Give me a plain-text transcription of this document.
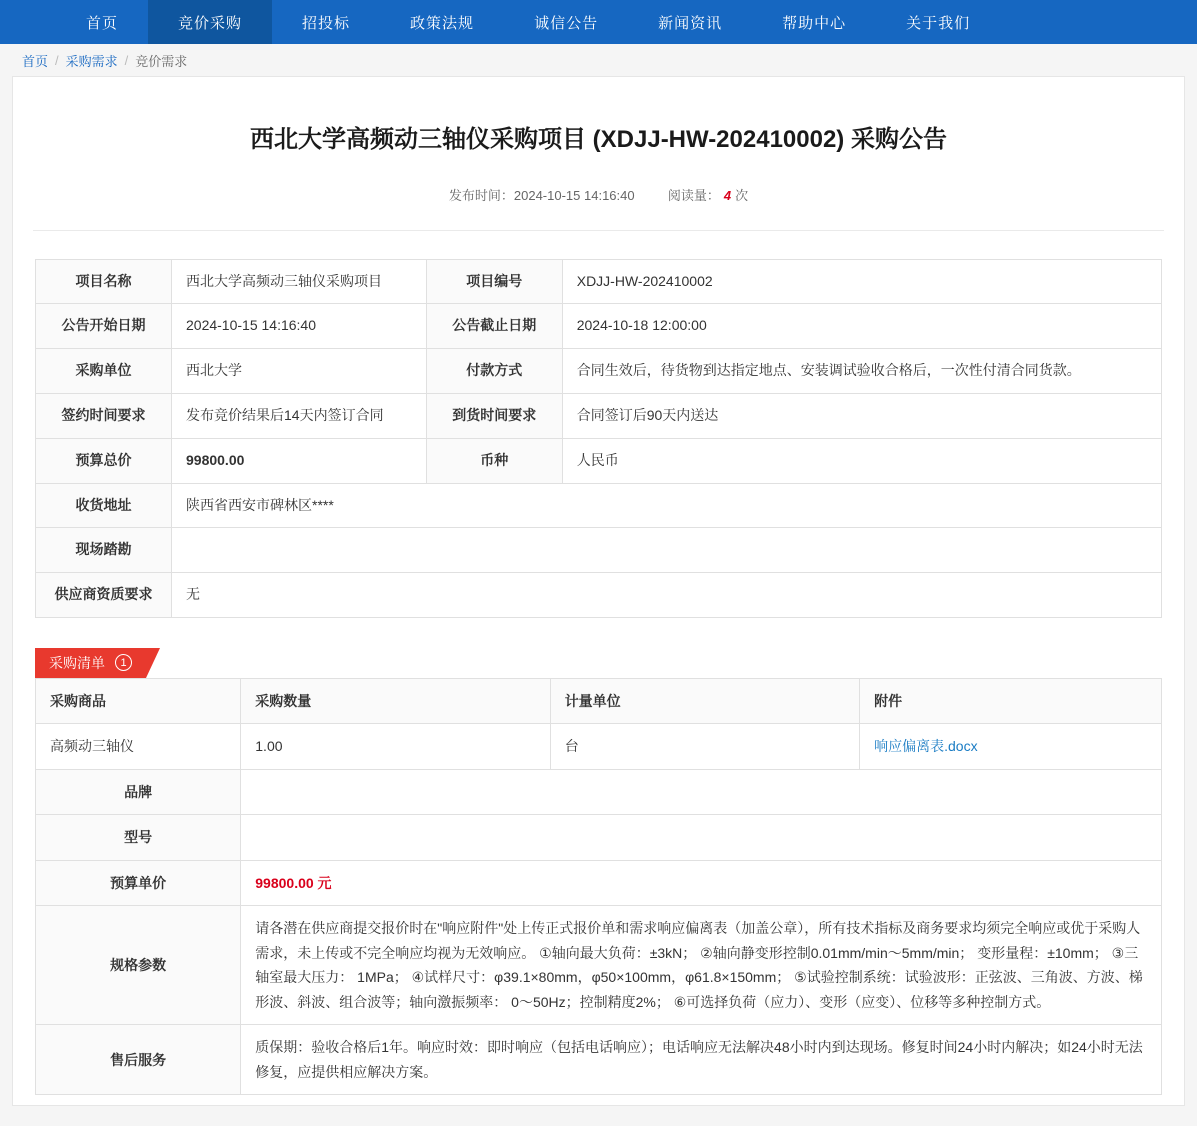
首页	竞价采购	招投标	政策法规	诚信公告	新闻资讯	帮助中心	关于我们
首页 / 采购需求 / 竞价需求
西北大学高频动三轴仪采购项目 (XDJJ-HW-202410002) 采购公告
发布时间：2024-10-15 14:16:40	阅读量： 4 次
项目名称	西北大学高频动三轴仪采购项目	项目编号	XDJJ-HW-202410002
公告开始日期	2024-10-15 14:16:40	公告截止日期	2024-10-18 12:00:00
采购单位	西北大学	付款方式	合同生效后，待货物到达指定地点、安装调试验收合格后，一次性付清合同货款。
签约时间要求	发布竞价结果后14天内签订合同	到货时间要求	合同签订后90天内送达
预算总价	99800.00	币种	人民币
收货地址	陕西省西安市碑林区****		
现场踏勘			
供应商资质要求	无		
采购清单	1
采购商品	采购数量	计量单位	附件
高频动三轴仪	1.00	台	响应偏离表.docx
品牌			
型号			
预算单价	99800.00 元		
规格参数	请各潜在供应商提交报价时在"响应附件"处上传正式报价单和需求响应偏离表（加盖公章），所有技术指标及商务要求均须完全响应或优于采购人需求，未上传或不完全响应均视为无效响应。 ①轴向最大负荷：±3kN； ②轴向静变形控制0.01mm/min～5mm/min； 变形量程：±10mm； ③三轴室最大压力： 1MPa； ④试样尺寸：φ39.1×80mm，φ50×100mm，φ61.8×150mm； ⑤试验控制系统：试验波形：正弦波、三角波、方波、梯形波、斜波、组合波等；轴向激振频率： 0～50Hz；控制精度2%； ⑥可选择负荷（应力）、变形（应变）、位移等多种控制方式。		
售后服务	质保期：验收合格后1年。响应时效：即时响应（包括电话响应）；电话响应无法解决48小时内到达现场。修复时间24小时内解决；如24小时无法修复，应提供相应解决方案。		
